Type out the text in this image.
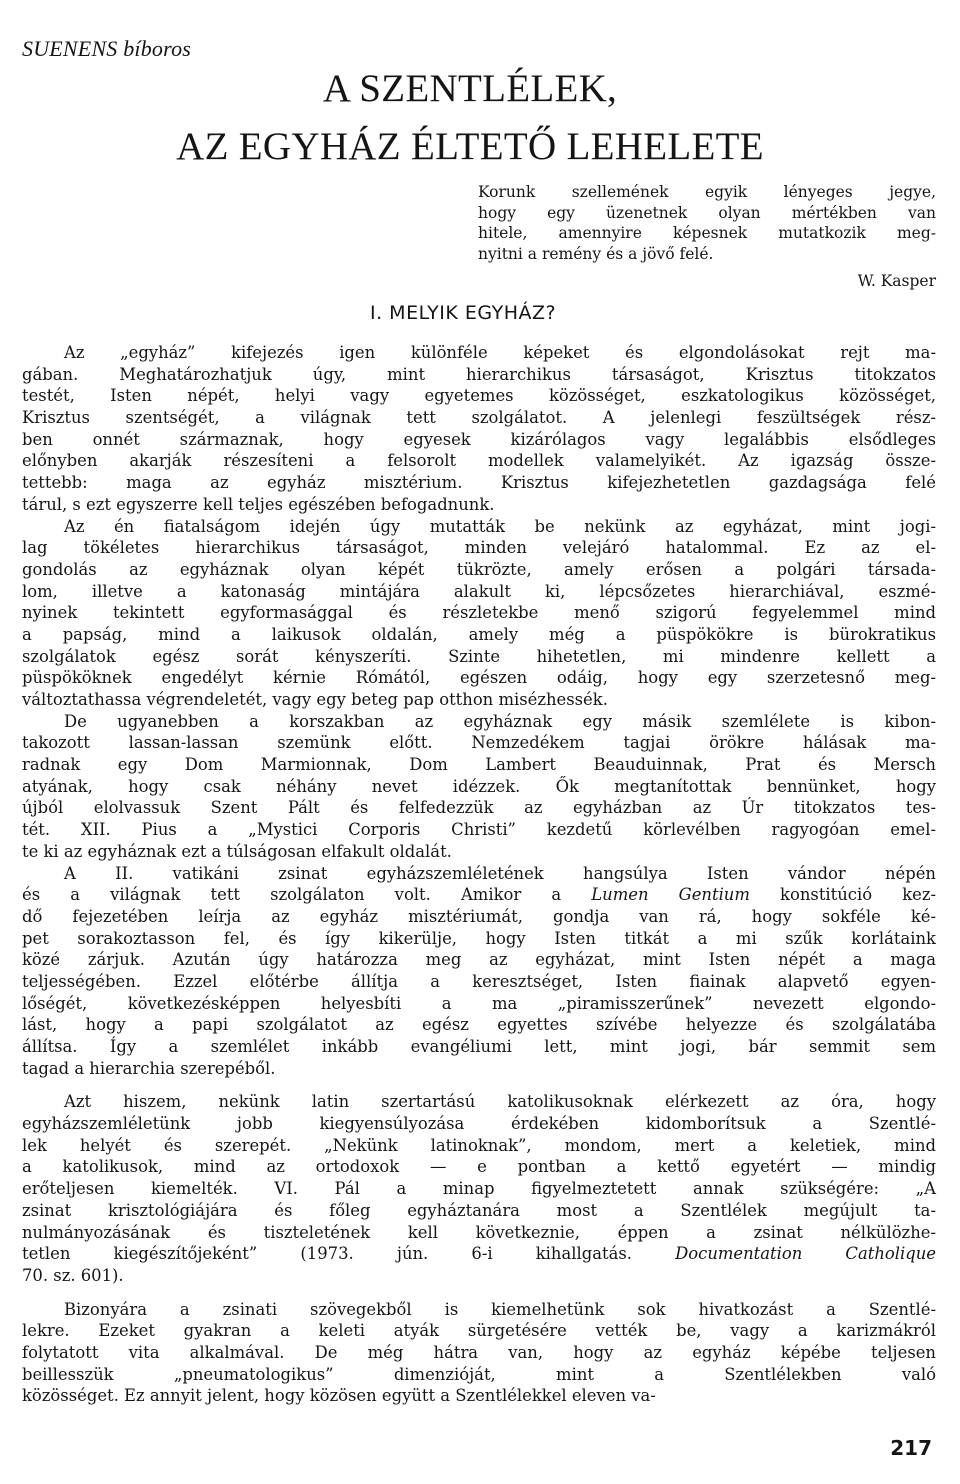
SUENENS bíboros
A SZENTLÉLEK,
AZ EGYHÁZ ÉLTETŐ LEHELETE
Korunk szellemének egyik lényeges jegye,
hogy egy üzenetnek olyan mértékben van
hitele, amennyire képesnek mutatkozik meg-
nyitni a remény és a jövő felé.
W. Kasper
I. MELYIK EGYHÁZ?
Az „egyház” kifejezés igen különféle képeket és elgondolásokat rejt ma-
gában. Meghatározhatjuk úgy, mint hierarchikus társaságot, Krisztus titokzatos
testét, Isten népét, helyi vagy egyetemes közösséget, eszkatologikus közösséget,
Krisztus szentségét, a világnak tett szolgálatot. A jelenlegi feszültségek rész-
ben onnét származnak, hogy egyesek kizárólagos vagy legalábbis elsődleges
előnyben akarják részesíteni a felsorolt modellek valamelyikét. Az igazság össze-
tettebb: maga az egyház misztérium. Krisztus kifejezhetetlen gazdagsága felé
tárul, s ezt egyszerre kell teljes egészében befogadnunk.
Az én fiatalságom idején úgy mutatták be nekünk az egyházat, mint jogi-
lag tökéletes hierarchikus társaságot, minden velejáró hatalommal. Ez az el-
gondolás az egyháznak olyan képét tükrözte, amely erősen a polgári társada-
lom, illetve a katonaság mintájára alakult ki, lépcsőzetes hierarchiával, eszmé-
nyinek tekintett egyformasággal és részletekbe menő szigorú fegyelemmel mind
a papság, mind a laikusok oldalán, amely még a püspökökre is bürokratikus
szolgálatok egész sorát kényszeríti. Szinte hihetetlen, mi mindenre kellett a
püspököknek engedélyt kérnie Rómától, egészen odáig, hogy egy szerzetesnő meg-
változtathassa végrendeletét, vagy egy beteg pap otthon misézhessék.
De ugyanebben a korszakban az egyháznak egy másik szemlélete is kibon-
takozott lassan-lassan szemünk előtt. Nemzedékem tagjai örökre hálásak ma-
radnak egy Dom Marmionnak, Dom Lambert Beauduinnak, Prat és Mersch
atyának, hogy csak néhány nevet idézzek. Ők megtanítottak bennünket, hogy
újból elolvassuk Szent Pált és felfedezzük az egyházban az Úr titokzatos tes-
tét. XII. Pius a „Mystici Corporis Christi” kezdetű körlevélben ragyogóan emel-
te ki az egyháznak ezt a túlságosan elfakult oldalát.
A II. vatikáni zsinat egyházszemléletének hangsúlya Isten vándor népén
és a világnak tett szolgálaton volt. Amikor a Lumen Gentium konstitúció kez-
dő fejezetében leírja az egyház misztériumát, gondja van rá, hogy sokféle ké-
pet sorakoztasson fel, és így kikerülje, hogy Isten titkát a mi szűk korlátaink
közé zárjuk. Azután úgy határozza meg az egyházat, mint Isten népét a maga
teljességében. Ezzel előtérbe állítja a keresztséget, Isten fiainak alapvető egyen-
lőségét, következésképpen helyesbíti a ma „piramisszerűnek” nevezett elgondo-
lást, hogy a papi szolgálatot az egész egyettes szívébe helyezze és szolgálatába
állítsa. Így a szemlélet inkább evangéliumi lett, mint jogi, bár semmit sem
tagad a hierarchia szerepéből.
Azt hiszem, nekünk latin szertartású katolikusoknak elérkezett az óra, hogy
egyházszemléletünk jobb kiegyensúlyozása érdekében kidomborítsuk a Szentlé-
lek helyét és szerepét. „Nekünk latinoknak”, mondom, mert a keletiek, mind
a katolikusok, mind az ortodoxok — e pontban a kettő egyetért — mindig
erőteljesen kiemelték. VI. Pál a minap figyelmeztetett annak szükségére: „A
zsinat krisztológiájára és főleg egyháztanára most a Szentlélek megújult ta-
nulmányozásának és tiszteletének kell következnie, éppen a zsinat nélkülözhe-
tetlen kiegészítőjeként” (1973. jún. 6-i kihallgatás. Documentation Catholique
70. sz. 601).
Bizonyára a zsinati szövegekből is kiemelhetünk sok hivatkozást a Szentlé-
lekre. Ezeket gyakran a keleti atyák sürgetésére vették be, vagy a karizmákról
folytatott vita alkalmával. De még hátra van, hogy az egyház képébe teljesen
beillesszük „pneumatologikus” dimenzióját, mint a Szentlélekben való
közösséget. Ez annyit jelent, hogy közösen együtt a Szentlélekkel eleven va-
217
